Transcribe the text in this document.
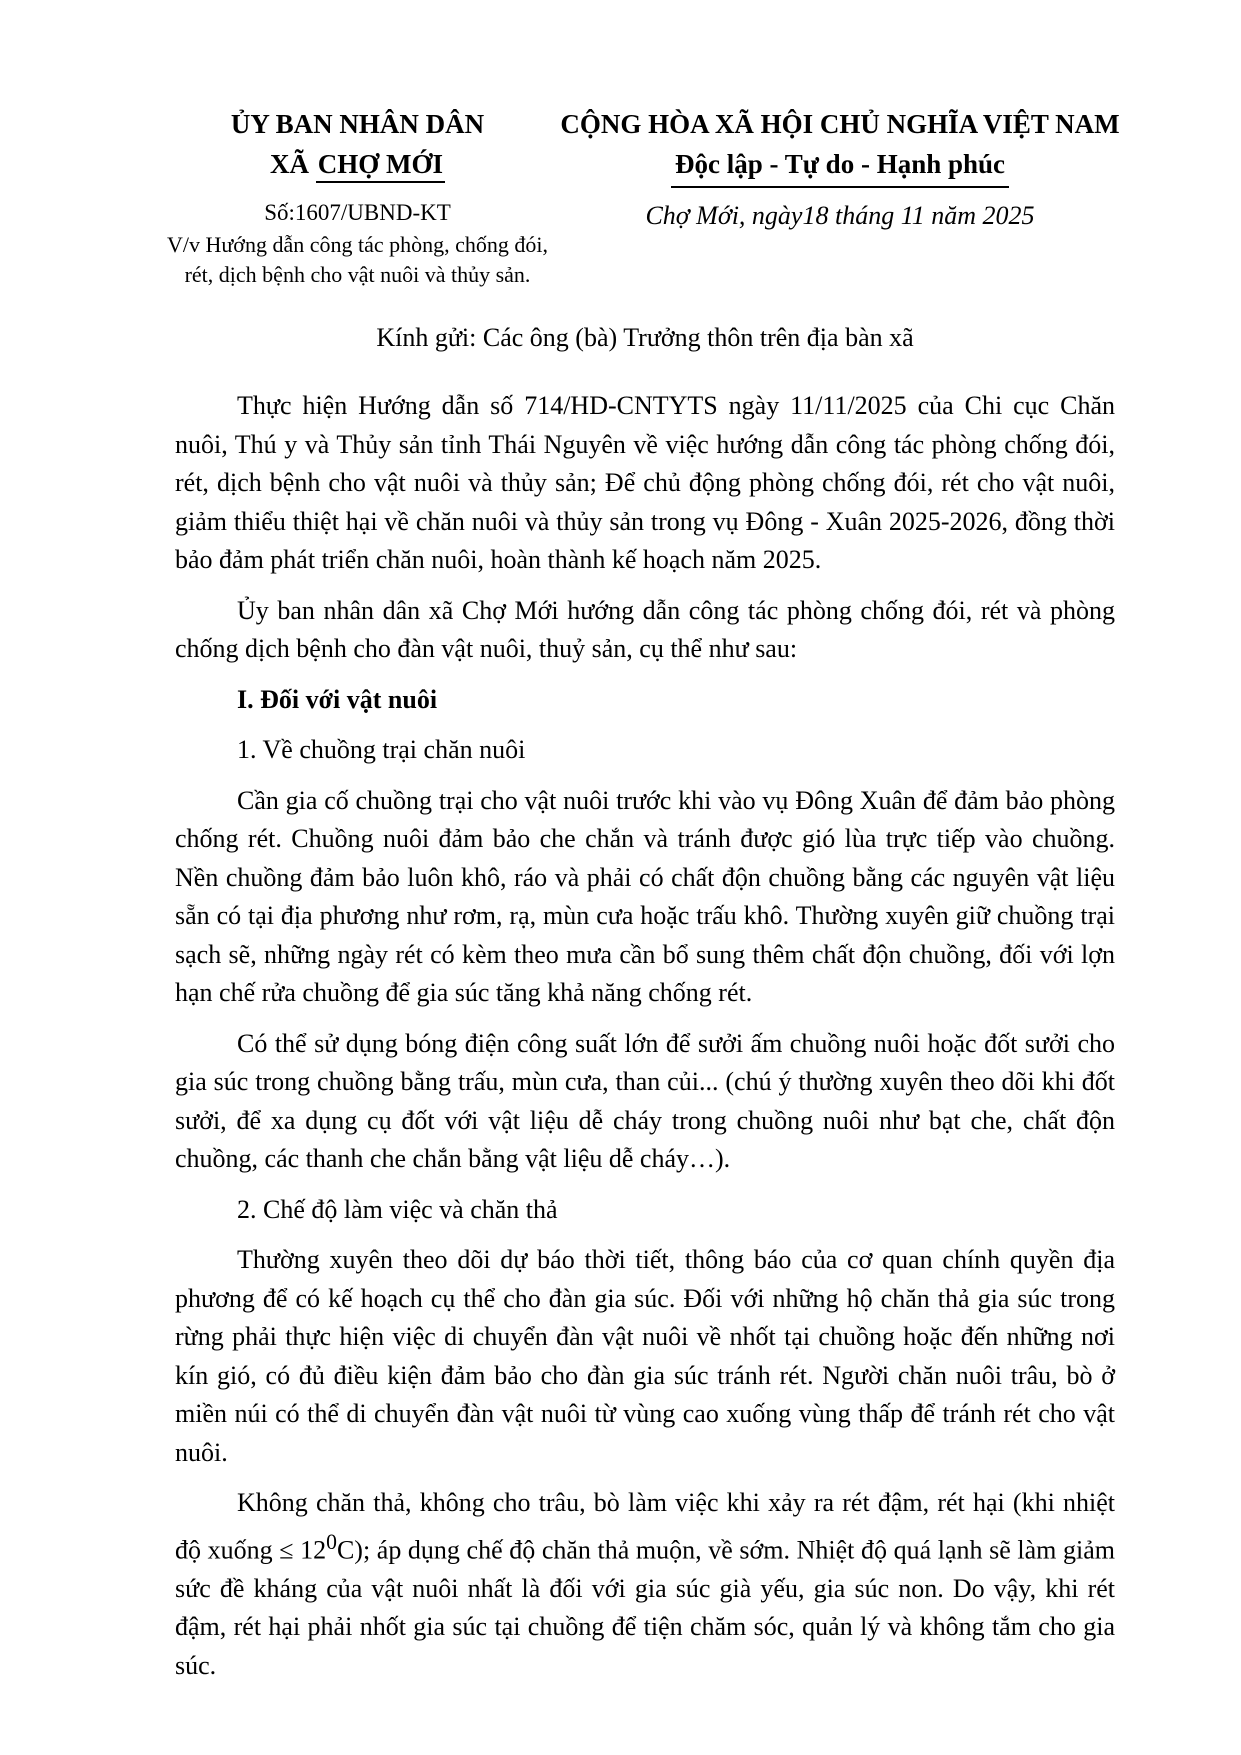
ỦY BAN NHÂN DÂN
XÃ CHỢ MỚI
CỘNG HÒA XÃ HỘI CHỦ NGHĨA VIỆT NAM
Độc lập - Tự do - Hạnh phúc
Số:1607/UBND-KT
V/v Hướng dẫn công tác phòng, chống đói, rét, dịch bệnh cho vật nuôi và thủy sản.
Chợ Mới, ngày18 tháng 11 năm 2025
Kính gửi: Các ông (bà) Trưởng thôn trên địa bàn xã

Thực hiện Hướng dẫn số 714/HD-CNTYTS ngày 11/11/2025 của Chi cục Chăn nuôi, Thú y và Thủy sản tỉnh Thái Nguyên về việc hướng dẫn công tác phòng chống đói, rét, dịch bệnh cho vật nuôi và thủy sản; Để chủ động phòng chống đói, rét cho vật nuôi, giảm thiểu thiệt hại về chăn nuôi và thủy sản trong vụ Đông - Xuân 2025-2026, đồng thời bảo đảm phát triển chăn nuôi, hoàn thành kế hoạch năm 2025.

Ủy ban nhân dân xã Chợ Mới hướng dẫn công tác phòng chống đói, rét và phòng chống dịch bệnh cho đàn vật nuôi, thuỷ sản, cụ thể như sau:

I. Đối với vật nuôi

1. Về chuồng trại chăn nuôi

Cần gia cố chuồng trại cho vật nuôi trước khi vào vụ Đông Xuân để đảm bảo phòng chống rét. Chuồng nuôi đảm bảo che chắn và tránh được gió lùa trực tiếp vào chuồng. Nền chuồng đảm bảo luôn khô, ráo và phải có chất độn chuồng bằng các nguyên vật liệu sẵn có tại địa phương như rơm, rạ, mùn cưa hoặc trấu khô. Thường xuyên giữ chuồng trại sạch sẽ, những ngày rét có kèm theo mưa cần bổ sung thêm chất độn chuồng, đối với lợn hạn chế rửa chuồng để gia súc tăng khả năng chống rét.

Có thể sử dụng bóng điện công suất lớn để sưởi ấm chuồng nuôi hoặc đốt sưởi cho gia súc trong chuồng bằng trấu, mùn cưa, than củi... (chú ý thường xuyên theo dõi khi đốt sưởi, để xa dụng cụ đốt với vật liệu dễ cháy trong chuồng nuôi như bạt che, chất độn chuồng, các thanh che chắn bằng vật liệu dễ cháy…).

2. Chế độ làm việc và chăn thả

Thường xuyên theo dõi dự báo thời tiết, thông báo của cơ quan chính quyền địa phương để có kế hoạch cụ thể cho đàn gia súc. Đối với những hộ chăn thả gia súc trong rừng phải thực hiện việc di chuyển đàn vật nuôi về nhốt tại chuồng hoặc đến những nơi kín gió, có đủ điều kiện đảm bảo cho đàn gia súc tránh rét. Người chăn nuôi trâu, bò ở miền núi có thể di chuyển đàn vật nuôi từ vùng cao xuống vùng thấp để tránh rét cho vật nuôi.

Không chăn thả, không cho trâu, bò làm việc khi xảy ra rét đậm, rét hại (khi nhiệt độ xuống ≤ $12^0C$); áp dụng chế độ chăn thả muộn, về sớm. Nhiệt độ quá lạnh sẽ làm giảm sức đề kháng của vật nuôi nhất là đối với gia súc già yếu, gia súc non. Do vậy, khi rét đậm, rét hại phải nhốt gia súc tại chuồng để tiện chăm sóc, quản lý và không tắm cho gia súc.
